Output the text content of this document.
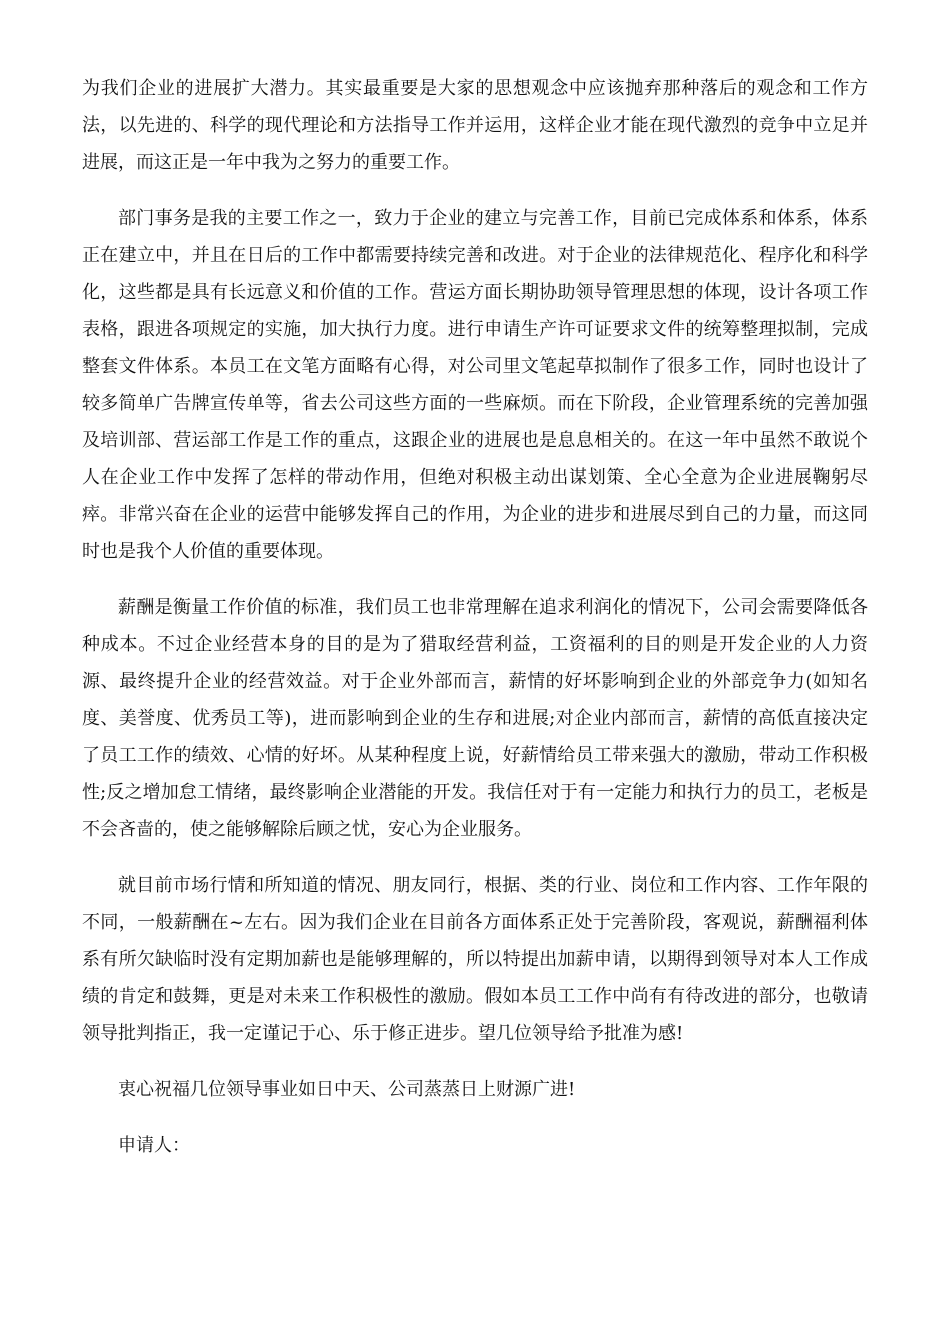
为我们企业的进展扩大潜力。其实最重要是大家的思想观念中应该抛弃那种落后的观念和工作方法，以先进的、科学的现代理论和方法指导工作并运用，这样企业才能在现代激烈的竞争中立足并进展，而这正是一年中我为之努力的重要工作。

部门事务是我的主要工作之一，致力于企业的建立与完善工作，目前已完成体系和体系，体系正在建立中，并且在日后的工作中都需要持续完善和改进。对于企业的法律规范化、程序化和科学化，这些都是具有长远意义和价值的工作。营运方面长期协助领导管理思想的体现，设计各项工作表格，跟进各项规定的实施，加大执行力度。进行申请生产许可证要求文件的统筹整理拟制，完成整套文件体系。本员工在文笔方面略有心得，对公司里文笔起草拟制作了很多工作，同时也设计了较多简单广告牌宣传单等，省去公司这些方面的一些麻烦。而在下阶段，企业管理系统的完善加强及培训部、营运部工作是工作的重点，这跟企业的进展也是息息相关的。在这一年中虽然不敢说个人在企业工作中发挥了怎样的带动作用，但绝对积极主动出谋划策、全心全意为企业进展鞠躬尽瘁。非常兴奋在企业的运营中能够发挥自己的作用，为企业的进步和进展尽到自己的力量，而这同时也是我个人价值的重要体现。

薪酬是衡量工作价值的标准，我们员工也非常理解在追求利润化的情况下，公司会需要降低各种成本。不过企业经营本身的目的是为了猎取经营利益，工资福利的目的则是开发企业的人力资源、最终提升企业的经营效益。对于企业外部而言，薪情的好坏影响到企业的外部竞争力(如知名度、美誉度、优秀员工等)，进而影响到企业的生存和进展;对企业内部而言，薪情的高低直接决定了员工工作的绩效、心情的好坏。从某种程度上说，好薪情给员工带来强大的激励，带动工作积极性;反之增加怠工情绪，最终影响企业潜能的开发。我信任对于有一定能力和执行力的员工，老板是不会吝啬的，使之能够解除后顾之忧，安心为企业服务。

就目前市场行情和所知道的情况、朋友同行，根据、类的行业、岗位和工作内容、工作年限的不同，一般薪酬在~左右。因为我们企业在目前各方面体系正处于完善阶段，客观说，薪酬福利体系有所欠缺临时没有定期加薪也是能够理解的，所以特提出加薪申请，以期得到领导对本人工作成绩的肯定和鼓舞，更是对未来工作积极性的激励。假如本员工工作中尚有有待改进的部分，也敬请领导批判指正，我一定谨记于心、乐于修正进步。望几位领导给予批准为感!

衷心祝福几位领导事业如日中天、公司蒸蒸日上财源广进!

申请人：
